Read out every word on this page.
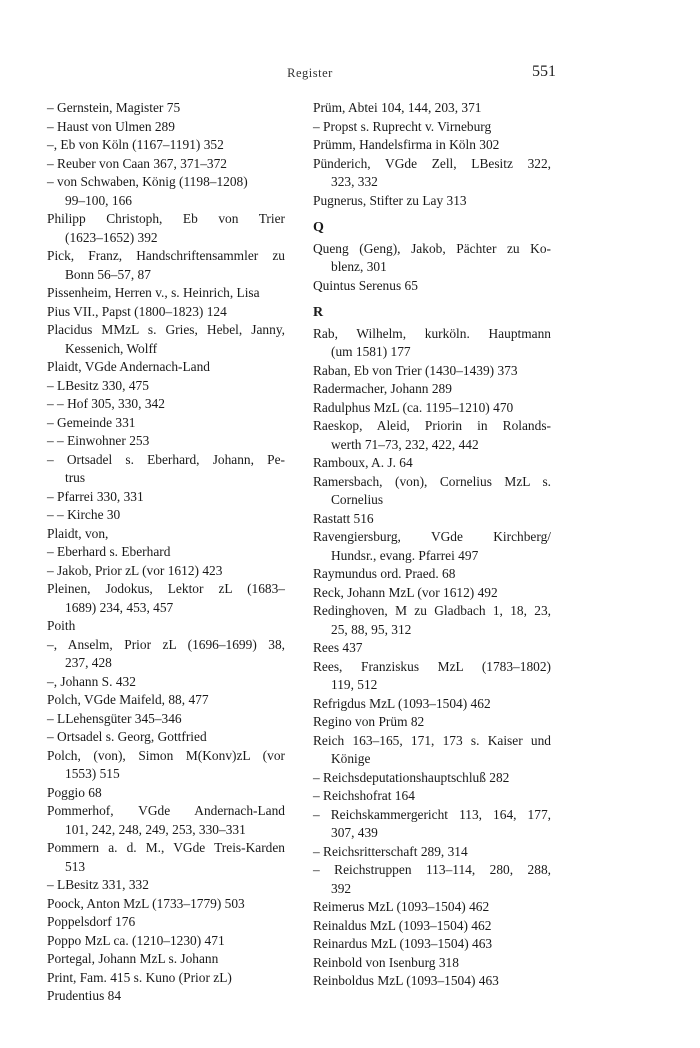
Register	551
– Gernstein, Magister 75
– Haust von Ulmen 289
–, Eb von Köln (1167–1191) 352
– Reuber von Caan 367, 371–372
– von Schwaben, König (1198–1208)
99–100, 166
Philipp Christoph, Eb von Trier
(1623–1652) 392
Pick, Franz, Handschriftensammler zu
Bonn 56–57, 87
Pissenheim, Herren v., s. Heinrich, Lisa
Pius VII., Papst (1800–1823) 124
Placidus MMzL s. Gries, Hebel, Janny,
Kessenich, Wolff
Plaidt, VGde Andernach-Land
– LBesitz 330, 475
– – Hof 305, 330, 342
– Gemeinde 331
– – Einwohner 253
– Ortsadel s. Eberhard, Johann, Pe-
trus
– Pfarrei 330, 331
– – Kirche 30
Plaidt, von,
– Eberhard s. Eberhard
– Jakob, Prior zL (vor 1612) 423
Pleinen, Jodokus, Lektor zL (1683–
1689) 234, 453, 457
Poith
–, Anselm, Prior zL (1696–1699) 38,
237, 428
–, Johann S. 432
Polch, VGde Maifeld, 88, 477
– LLehensgüter 345–346
– Ortsadel s. Georg, Gottfried
Polch, (von), Simon M(Konv)zL (vor
1553) 515
Poggio 68
Pommerhof, VGde Andernach-Land
101, 242, 248, 249, 253, 330–331
Pommern a. d. M., VGde Treis-Karden
513
– LBesitz 331, 332
Poock, Anton MzL (1733–1779) 503
Poppelsdorf 176
Poppo MzL ca. (1210–1230) 471
Portegal, Johann MzL s. Johann
Print, Fam. 415 s. Kuno (Prior zL)
Prudentius 84
Prüm, Abtei 104, 144, 203, 371
– Propst s. Ruprecht v. Virneburg
Prümm, Handelsfirma in Köln 302
Pünderich, VGde Zell, LBesitz 322,
323, 332
Pugnerus, Stifter zu Lay 313
Q
Queng (Geng), Jakob, Pächter zu Ko-
blenz, 301
Quintus Serenus 65
R
Rab, Wilhelm, kurköln. Hauptmann
(um 1581) 177
Raban, Eb von Trier (1430–1439) 373
Radermacher, Johann 289
Radulphus MzL (ca. 1195–1210) 470
Raeskop, Aleid, Priorin in Rolands-
werth 71–73, 232, 422, 442
Ramboux, A. J. 64
Ramersbach, (von), Cornelius MzL s.
Cornelius
Rastatt 516
Ravengiersburg, VGde Kirchberg/
Hundsr., evang. Pfarrei 497
Raymundus ord. Praed. 68
Reck, Johann MzL (vor 1612) 492
Redinghoven, M zu Gladbach 1, 18, 23,
25, 88, 95, 312
Rees 437
Rees, Franziskus MzL (1783–1802)
119, 512
Refrigdus MzL (1093–1504) 462
Regino von Prüm 82
Reich 163–165, 171, 173 s. Kaiser und
Könige
– Reichsdeputationshauptschluß 282
– Reichshofrat 164
– Reichskammergericht 113, 164, 177,
307, 439
– Reichsritterschaft 289, 314
– Reichstruppen 113–114, 280, 288,
392
Reimerus MzL (1093–1504) 462
Reinaldus MzL (1093–1504) 462
Reinardus MzL (1093–1504) 463
Reinbold von Isenburg 318
Reinboldus MzL (1093–1504) 463
